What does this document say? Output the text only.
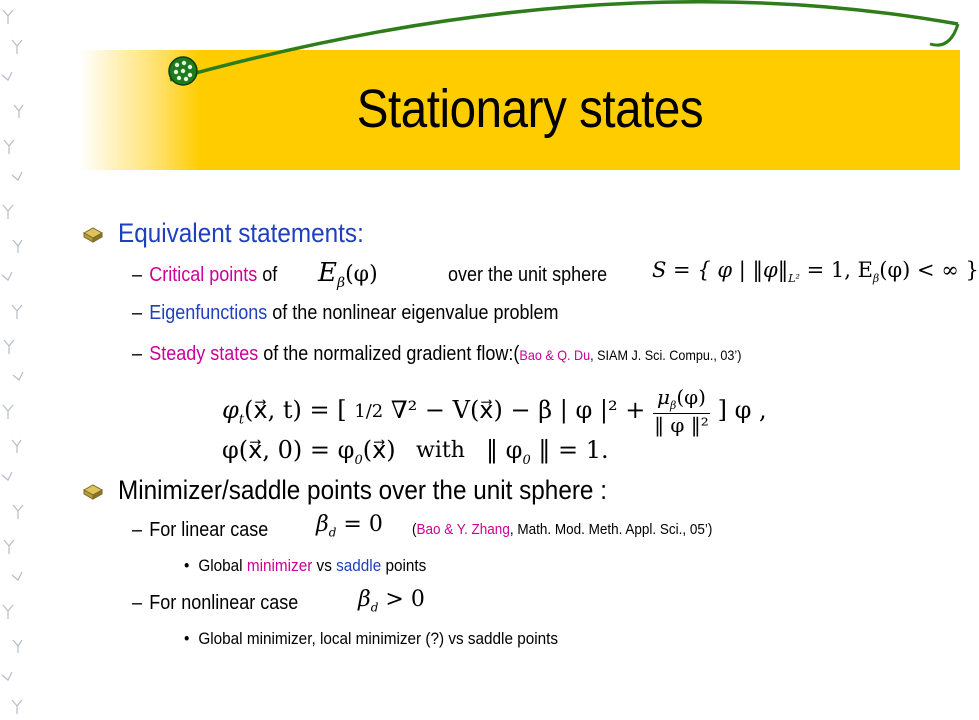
Stationary states
Equivalent statements:
– Critical points of $E_\beta(\varphi)$	over the unit sphere S = { φ | $‖\varphi‖_{L^2} = 1$, $E_\beta(\varphi)$ < ∞ }
– Eigenfunctions of the nonlinear eigenvalue problem
– Steady states of the normalized gradient flow:(Bao & Q. Du, SIAM J. Sci. Compu., 03’)
$\varphi_t(x⃗$, t) = [ 1/2 ∇² − V(x⃗) − β | φ $|^2 + \frac{\mu_\beta(\varphi)}{\text{‖ φ ‖²}}$ ] φ ,
φ(x⃗, $0) = \varphi_0(x⃗)$ with ‖ $\varphi_0$ ‖ = 1.
Minimizer/saddle points over the unit sphere :
– For linear case $\beta_d = 0$ (Bao & Y. Zhang, Math. Mod. Meth. Appl. Sci., 05’)
• Global minimizer vs saddle points
– For nonlinear case	$\beta_d > 0$
• Global minimizer, local minimizer (?) vs saddle points
